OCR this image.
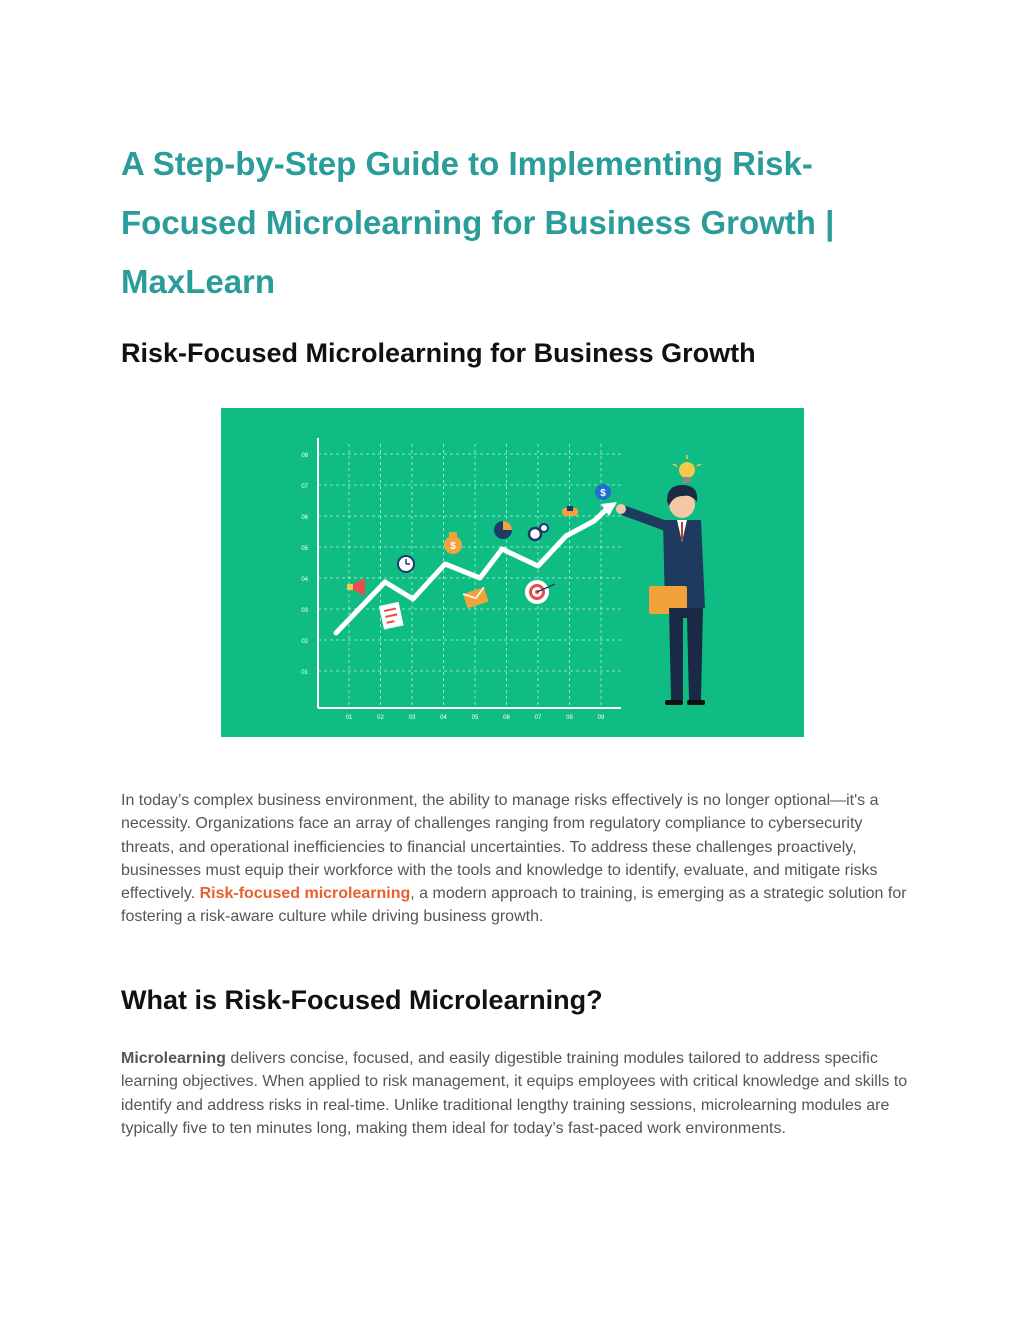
A Step-by-Step Guide to Implementing Risk-Focused Microlearning for Business Growth | MaxLearn
Risk-Focused Microlearning for Business Growth
08
07
06
05
04
03
02
01
01	02	03	04	05	06	07	08	09
$
$

In today’s complex business environment, the ability to manage risks effectively is no longer optional—it's a necessity. Organizations face an array of challenges ranging from regulatory compliance to cybersecurity threats, and operational inefficiencies to financial uncertainties. To address these challenges proactively, businesses must equip their workforce with the tools and knowledge to identify, evaluate, and mitigate risks effectively. Risk-focused microlearning, a modern approach to training, is emerging as a strategic solution for fostering a risk-aware culture while driving business growth.

What is Risk-Focused Microlearning?

Microlearning delivers concise, focused, and easily digestible training modules tailored to address specific learning objectives. When applied to risk management, it equips employees with critical knowledge and skills to identify and address risks in real-time. Unlike traditional lengthy training sessions, microlearning modules are typically five to ten minutes long, making them ideal for today’s fast-paced work environments.
